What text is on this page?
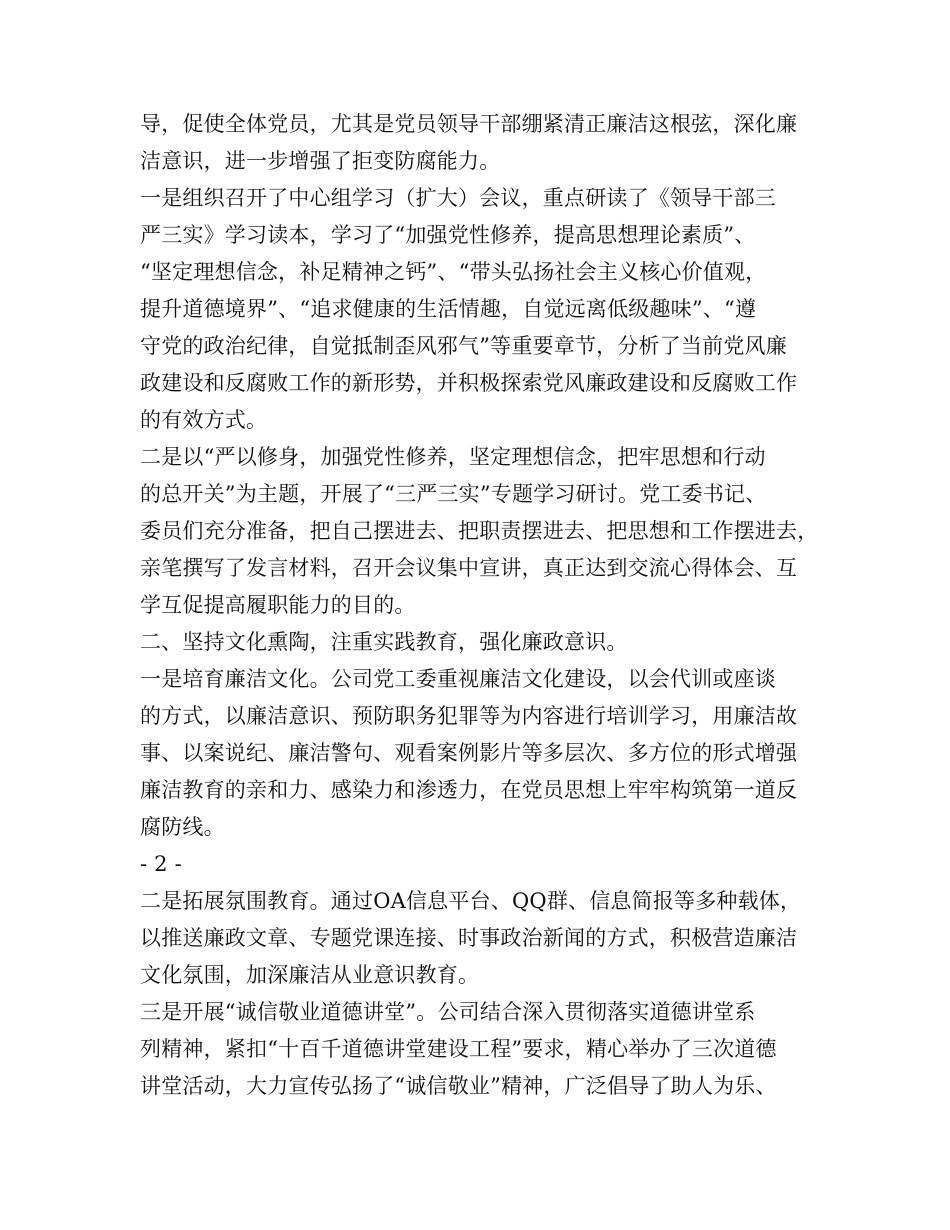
导，促使全体党员，尤其是党员领导干部绷紧清正廉洁这根弦，深化廉
洁意识，进一步增强了拒变防腐能力。
一是组织召开了中心组学习（扩大）会议，重点研读了《领导干部三
严三实》学习读本，学习了“加强党性修养，提高思想理论素质”、
“坚定理想信念，补足精神之钙”、“带头弘扬社会主义核心价值观，
提升道德境界”、“追求健康的生活情趣，自觉远离低级趣味”、“遵
守党的政治纪律，自觉抵制歪风邪气”等重要章节，分析了当前党风廉
政建设和反腐败工作的新形势，并积极探索党风廉政建设和反腐败工作
的有效方式。
二是以“严以修身，加强党性修养，坚定理想信念，把牢思想和行动
的总开关”为主题，开展了“三严三实”专题学习研讨。党工委书记、
委员们充分准备，把自己摆进去、把职责摆进去、把思想和工作摆进去，
亲笔撰写了发言材料，召开会议集中宣讲，真正达到交流心得体会、互
学互促提高履职能力的目的。
二、坚持文化熏陶，注重实践教育，强化廉政意识。
一是培育廉洁文化。公司党工委重视廉洁文化建设，以会代训或座谈
的方式，以廉洁意识、预防职务犯罪等为内容进行培训学习，用廉洁故
事、以案说纪、廉洁警句、观看案例影片等多层次、多方位的形式增强
廉洁教育的亲和力、感染力和渗透力，在党员思想上牢牢构筑第一道反
腐防线。
- 2 -
二是拓展氛围教育。通过OA信息平台、QQ群、信息简报等多种载体，
以推送廉政文章、专题党课连接、时事政治新闻的方式，积极营造廉洁
文化氛围，加深廉洁从业意识教育。
三是开展“诚信敬业道德讲堂”。公司结合深入贯彻落实道德讲堂系
列精神，紧扣“十百千道德讲堂建设工程”要求，精心举办了三次道德
讲堂活动，大力宣传弘扬了“诚信敬业”精神，广泛倡导了助人为乐、
